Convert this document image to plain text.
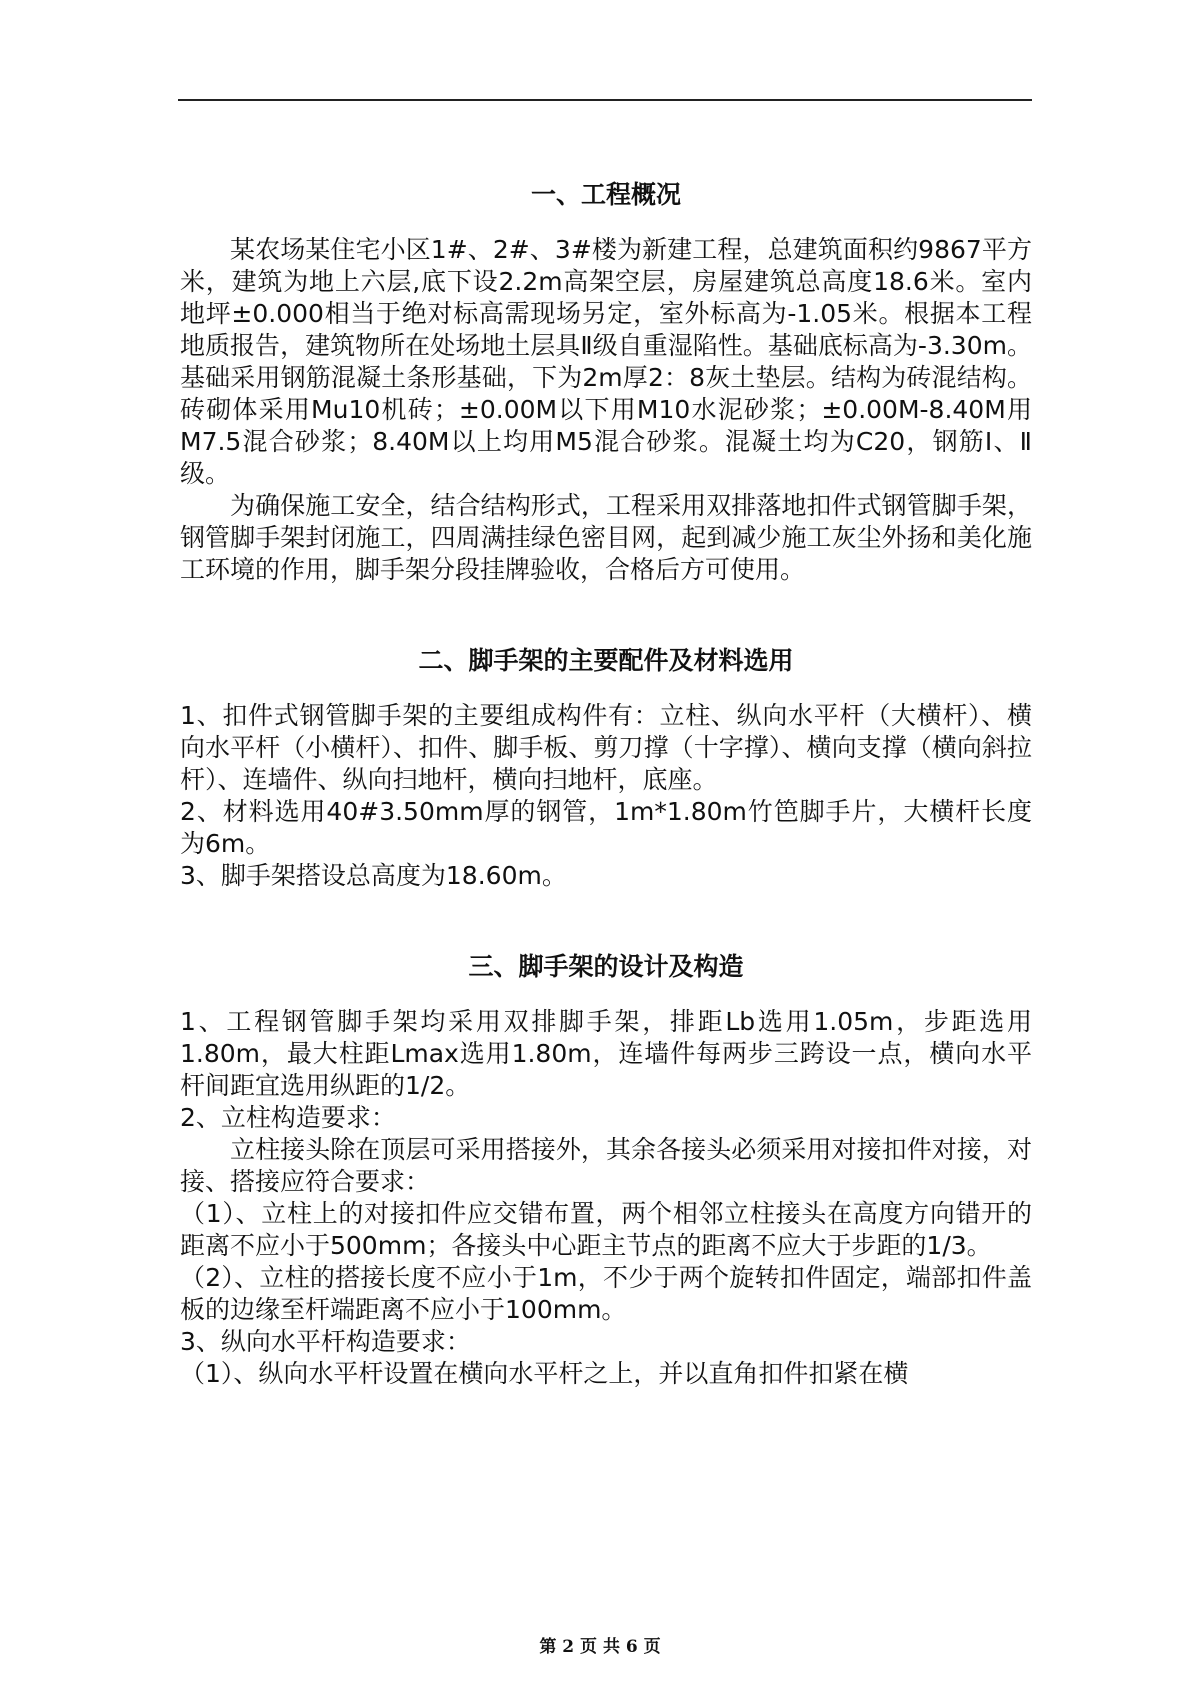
一、工程概况

某农场某住宅小区1#、2#、3#楼为新建工程，总建筑面积约9867平方米，建筑为地上六层,底下设2.2m高架空层，房屋建筑总高度18.6米。室内地坪±0.000相当于绝对标高需现场另定，室外标高为-1.05米。根据本工程地质报告，建筑物所在处场地土层具Ⅱ级自重湿陷性。基础底标高为-3.30m。基础采用钢筋混凝土条形基础，下为2m厚2：8灰土垫层。结构为砖混结构。砖砌体采用Mu10机砖；±0.00M以下用M10水泥砂浆；±0.00M-8.40M用M7.5混合砂浆；8.40M以上均用M5混合砂浆。混凝土均为C20，钢筋Ⅰ、Ⅱ级。

为确保施工安全，结合结构形式，工程采用双排落地扣件式钢管脚手架，钢管脚手架封闭施工，四周满挂绿色密目网，起到减少施工灰尘外扬和美化施工环境的作用，脚手架分段挂牌验收，合格后方可使用。

二、脚手架的主要配件及材料选用

1、扣件式钢管脚手架的主要组成构件有：立柱、纵向水平杆（大横杆）、横向水平杆（小横杆）、扣件、脚手板、剪刀撑（十字撑）、横向支撑（横向斜拉杆）、连墙件、纵向扫地杆，横向扫地杆，底座。

2、材料选用40#3.50mm厚的钢管，1m*1.80m竹笆脚手片，大横杆长度为6m。

3、脚手架搭设总高度为18.60m。

三、脚手架的设计及构造

1、工程钢管脚手架均采用双排脚手架，排距Lb选用1.05m，步距选用1.80m，最大柱距Lmax选用1.80m，连墙件每两步三跨设一点，横向水平杆间距宜选用纵距的1/2。

2、立柱构造要求：

立柱接头除在顶层可采用搭接外，其余各接头必须采用对接扣件对接，对接、搭接应符合要求：

（1）、立柱上的对接扣件应交错布置，两个相邻立柱接头在高度方向错开的距离不应小于500mm；各接头中心距主节点的距离不应大于步距的1/3。

（2）、立柱的搭接长度不应小于1m，不少于两个旋转扣件固定，端部扣件盖板的边缘至杆端距离不应小于100mm。

3、纵向水平杆构造要求：

（1）、纵向水平杆设置在横向水平杆之上，并以直角扣件扣紧在横

第 2 页 共 6 页
